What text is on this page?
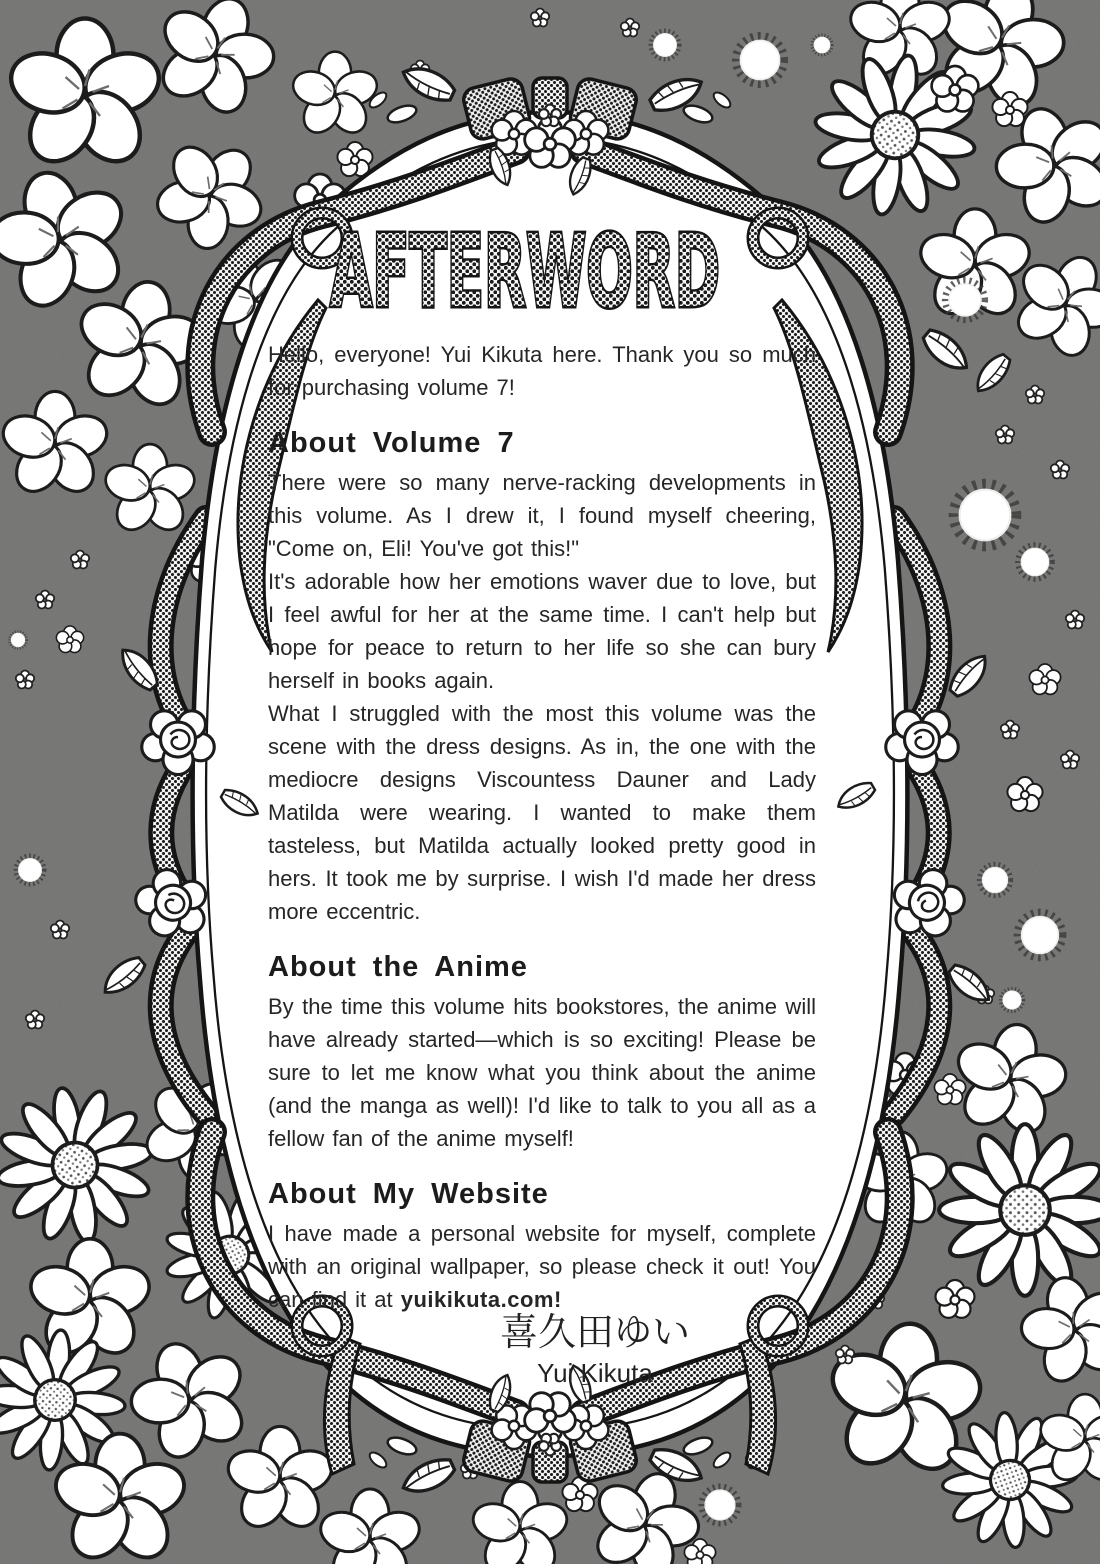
AFTERWORD

Hello, everyone! Yui Kikuta here. Thank you so much for purchasing volume 7!

About Volume 7

There were so many nerve-racking developments in this volume. As I drew it, I found myself cheering, "Come on, Eli! You've got this!"

It's adorable how her emotions waver due to love, but I feel awful for her at the same time. I can't help but hope for peace to return to her life so she can bury herself in books again.

What I struggled with the most this volume was the scene with the dress designs. As in, the one with the mediocre designs Viscountess Dauner and Lady Matilda were wearing. I wanted to make them tasteless, but Matilda actually looked pretty good in hers. It took me by surprise. I wish I'd made her dress more eccentric.

About the Anime

By the time this volume hits bookstores, the anime will have already started—which is so exciting! Please be sure to let me know what you think about the anime (and the manga as well)! I'd like to talk to you all as a fellow fan of the anime myself!

About My Website

I have made a personal website for myself, complete with an original wallpaper, so please check it out! You can find it at yuikikuta.com!

喜久田ゆい
Yui Kikuta
